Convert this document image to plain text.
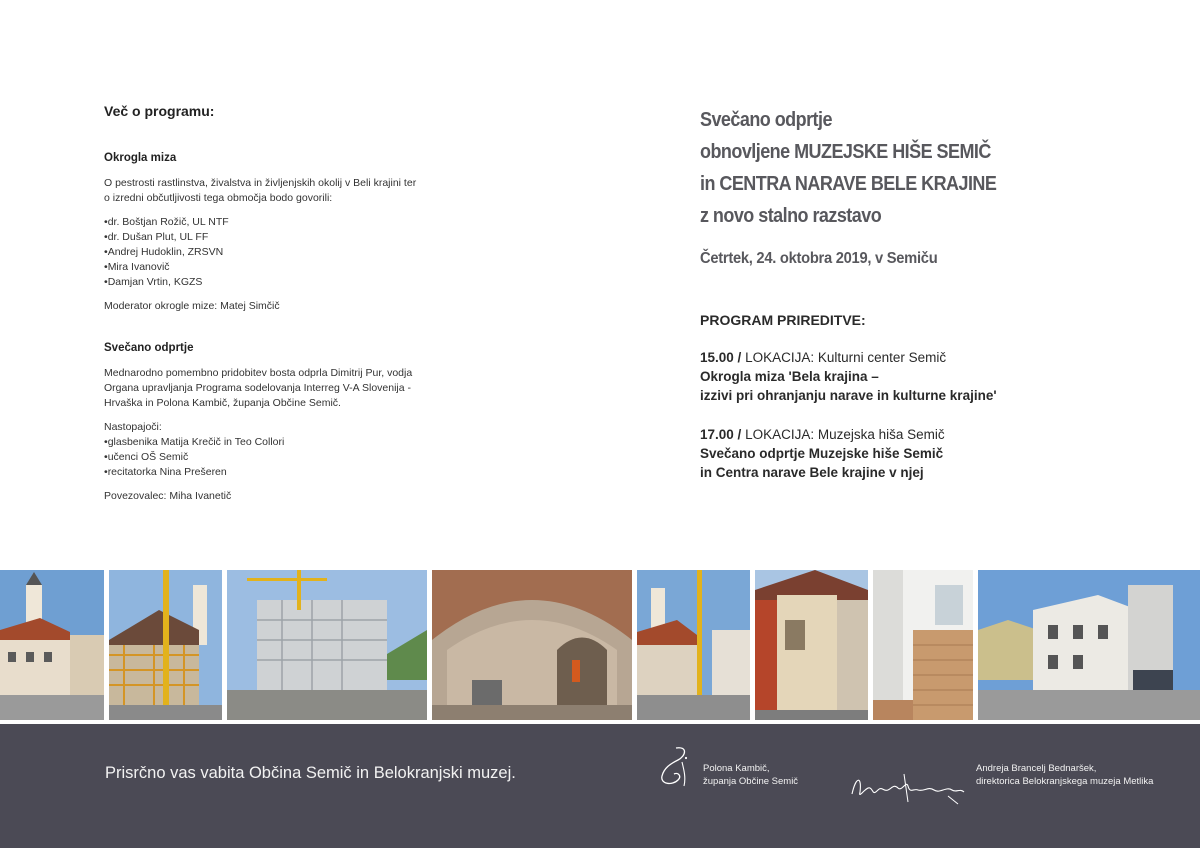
Več o programu:
Okrogla miza

O pestrosti rastlinstva, živalstva in življenjskih okolij v Beli krajini ter o izredni občutljivosti tega območja bodo govorili:

• dr. Boštjan Rožič, UL NTF
• dr. Dušan Plut, UL FF
• Andrej Hudoklin, ZRSVN
• Mira Ivanovič
• Damjan Vrtin, KGZS

Moderator okrogle mize: Matej Simčič

Svečano odprtje

Mednarodno pomembno pridobitev bosta odprla Dimitrij Pur, vodja Organa upravljanja Programa sodelovanja Interreg V-A Slovenija - Hrvaška in Polona Kambič, županja Občine Semič.

Nastopajoči:
• glasbenika Matija Krečič in Teo Collori
• učenci OŠ Semič
• recitatorka Nina Prešeren

Povezovalec: Miha Ivanetič

Svečano odprtje
obnovljene MUZEJSKE HIŠE SEMIČ
in CENTRA NARAVE BELE KRAJINE
z novo stalno razstavo
Četrtek, 24. oktobra 2019, v Semiču
PROGRAM PRIREDITVE:
15.00 / LOKACIJA: Kulturni center Semič
Okrogla miza 'Bela krajina –
izzivi pri ohranjanju narave in kulturne krajine'
17.00 / LOKACIJA: Muzejska hiša Semič
Svečano odprtje Muzejske hiše Semič
in Centra narave Bele krajine v njej
Prisrčno vas vabita Občina Semič in Belokranjski muzej.	Polona Kambič,
županja Občine Semič
Andreja Brancelj Bednaršek,
direktorica Belokranjskega muzeja Metlika
